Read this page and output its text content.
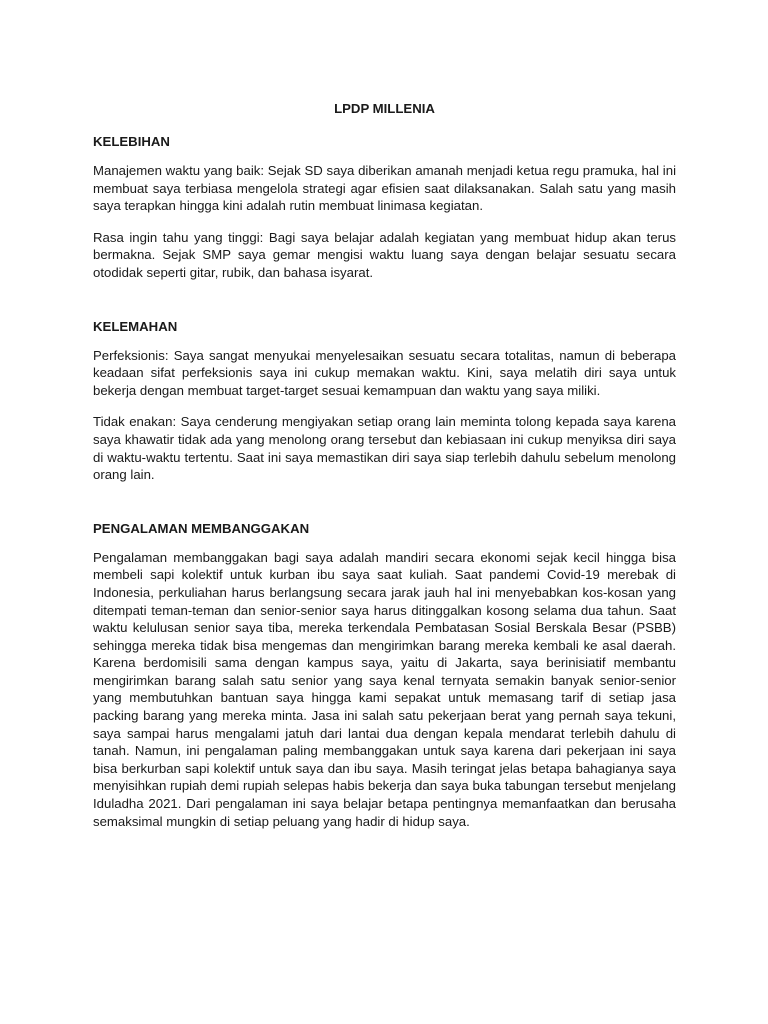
LPDP MILLENIA
KELEBIHAN

Manajemen waktu yang baik: Sejak SD saya diberikan amanah menjadi ketua regu pramuka, hal ini membuat saya terbiasa mengelola strategi agar efisien saat dilaksanakan. Salah satu yang masih saya terapkan hingga kini adalah rutin membuat linimasa kegiatan.

Rasa ingin tahu yang tinggi: Bagi saya belajar adalah kegiatan yang membuat hidup akan terus bermakna. Sejak SMP saya gemar mengisi waktu luang saya dengan belajar sesuatu secara otodidak seperti gitar, rubik, dan bahasa isyarat.

KELEMAHAN

Perfeksionis: Saya sangat menyukai menyelesaikan sesuatu secara totalitas, namun di beberapa keadaan sifat perfeksionis saya ini cukup memakan waktu. Kini, saya melatih diri saya untuk bekerja dengan membuat target-target sesuai kemampuan dan waktu yang saya miliki.

Tidak enakan: Saya cenderung mengiyakan setiap orang lain meminta tolong kepada saya karena saya khawatir tidak ada yang menolong orang tersebut dan kebiasaan ini cukup menyiksa diri saya di waktu-waktu tertentu. Saat ini saya memastikan diri saya siap terlebih dahulu sebelum menolong orang lain.

PENGALAMAN MEMBANGGAKAN

Pengalaman membanggakan bagi saya adalah mandiri secara ekonomi sejak kecil hingga bisa membeli sapi kolektif untuk kurban ibu saya saat kuliah. Saat pandemi Covid-19 merebak di Indonesia, perkuliahan harus berlangsung secara jarak jauh hal ini menyebabkan kos-kosan yang ditempati teman-teman dan senior-senior saya harus ditinggalkan kosong selama dua tahun. Saat waktu kelulusan senior saya tiba, mereka terkendala Pembatasan Sosial Berskala Besar (PSBB) sehingga mereka tidak bisa mengemas dan mengirimkan barang mereka kembali ke asal daerah. Karena berdomisili sama dengan kampus saya, yaitu di Jakarta, saya berinisiatif membantu mengirimkan barang salah satu senior yang saya kenal ternyata semakin banyak senior-senior yang membutuhkan bantuan saya hingga kami sepakat untuk memasang tarif di setiap jasa packing barang yang mereka minta. Jasa ini salah satu pekerjaan berat yang pernah saya tekuni, saya sampai harus mengalami jatuh dari lantai dua dengan kepala mendarat terlebih dahulu di tanah. Namun, ini pengalaman paling membanggakan untuk saya karena dari pekerjaan ini saya bisa berkurban sapi kolektif untuk saya dan ibu saya. Masih teringat jelas betapa bahagianya saya menyisihkan rupiah demi rupiah selepas habis bekerja dan saya buka tabungan tersebut menjelang Iduladha 2021. Dari pengalaman ini saya belajar betapa pentingnya memanfaatkan dan berusaha semaksimal mungkin di setiap peluang yang hadir di hidup saya.
